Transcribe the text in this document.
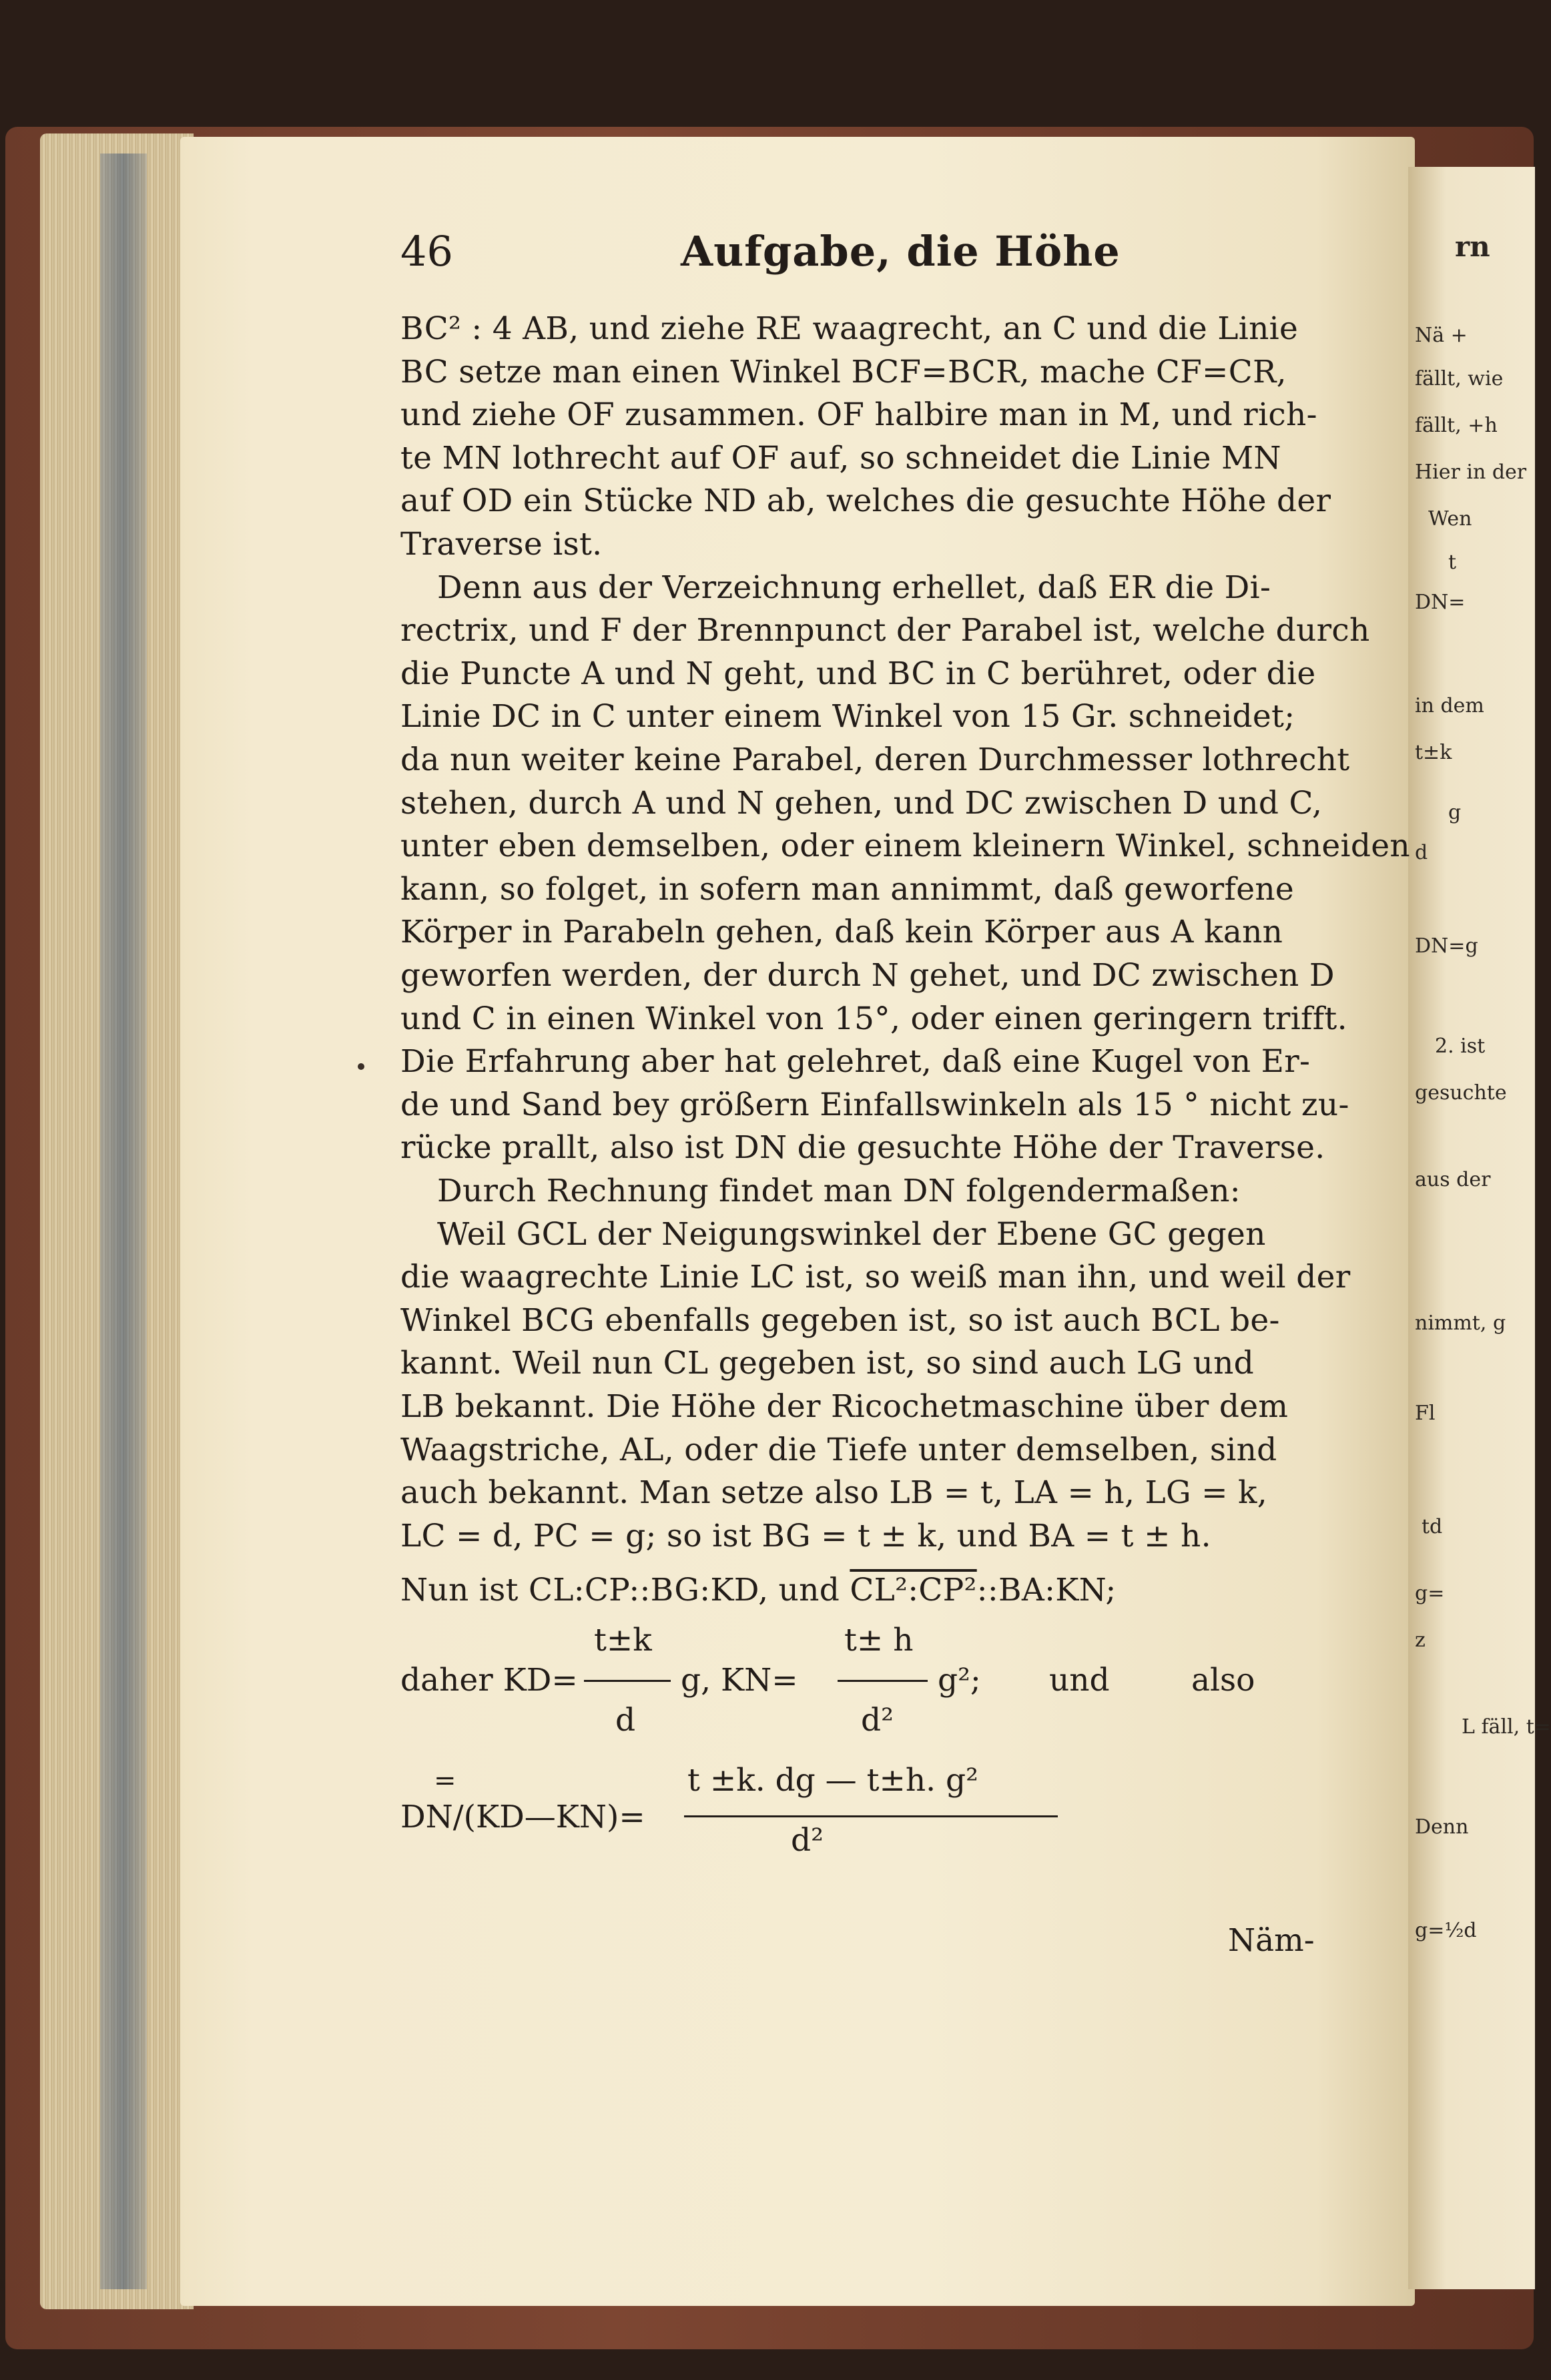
rn
Nä +
fällt, wie
fällt, +h
Hier in der
Wen
t
DN=
in dem
t±k
g
d
DN=g
2. ist
gesuchte
aus der
nimmt, g
Fl
td
g=
z
L fäll, t=
Denn
g=½d
46	Aufgabe, die Höhe
BC² : 4 AB, und ziehe RE waagrecht, an C und die Linie
BC setze man einen Winkel BCF=BCR, mache CF=CR,
und ziehe OF zusammen. OF halbire man in M, und rich-
te MN lothrecht auf OF auf, so schneidet die Linie MN
auf OD ein Stücke ND ab, welches die gesuchte Höhe der
Traverse ist.
Denn aus der Verzeichnung erhellet, daß ER die Di-
rectrix, und F der Brennpunct der Parabel ist, welche durch
die Puncte A und N geht, und BC in C berühret, oder die
Linie DC in C unter einem Winkel von 15 Gr. schneidet;
da nun weiter keine Parabel, deren Durchmesser lothrecht
stehen, durch A und N gehen, und DC zwischen D und C,
unter eben demselben, oder einem kleinern Winkel, schneiden
kann, so folget, in sofern man annimmt, daß geworfene
Körper in Parabeln gehen, daß kein Körper aus A kann
geworfen werden, der durch N gehet, und DC zwischen D
und C in einen Winkel von 15°, oder einen geringern trifft.
Die Erfahrung aber hat gelehret, daß eine Kugel von Er-
de und Sand bey größern Einfallswinkeln als 15 ° nicht zu-
rücke prallt, also ist DN die gesuchte Höhe der Traverse.
Durch Rechnung findet man DN folgendermaßen:
Weil GCL der Neigungswinkel der Ebene GC gegen
die waagrechte Linie LC ist, so weiß man ihn, und weil der
Winkel BCG ebenfalls gegeben ist, so ist auch BCL be-
kannt. Weil nun CL gegeben ist, so sind auch LG und
LB bekannt. Die Höhe der Ricochetmaschine über dem
Waagstriche, AL, oder die Tiefe unter demselben, sind
auch bekannt. Man setze also LB = t, LA = h, LG = k,
LC = d, PC = g; so ist BG = t ± k, und BA = t ± h.
Nun ist CL:CP::BG:KD, und CL²:CP²::BA:KN;
daher KD=
t±k
d
g, KN=
t± h
d²
g²; und	also
=
DN/(KD—KN)=
t ±k. dg — t±h. g²
d²
Näm-
